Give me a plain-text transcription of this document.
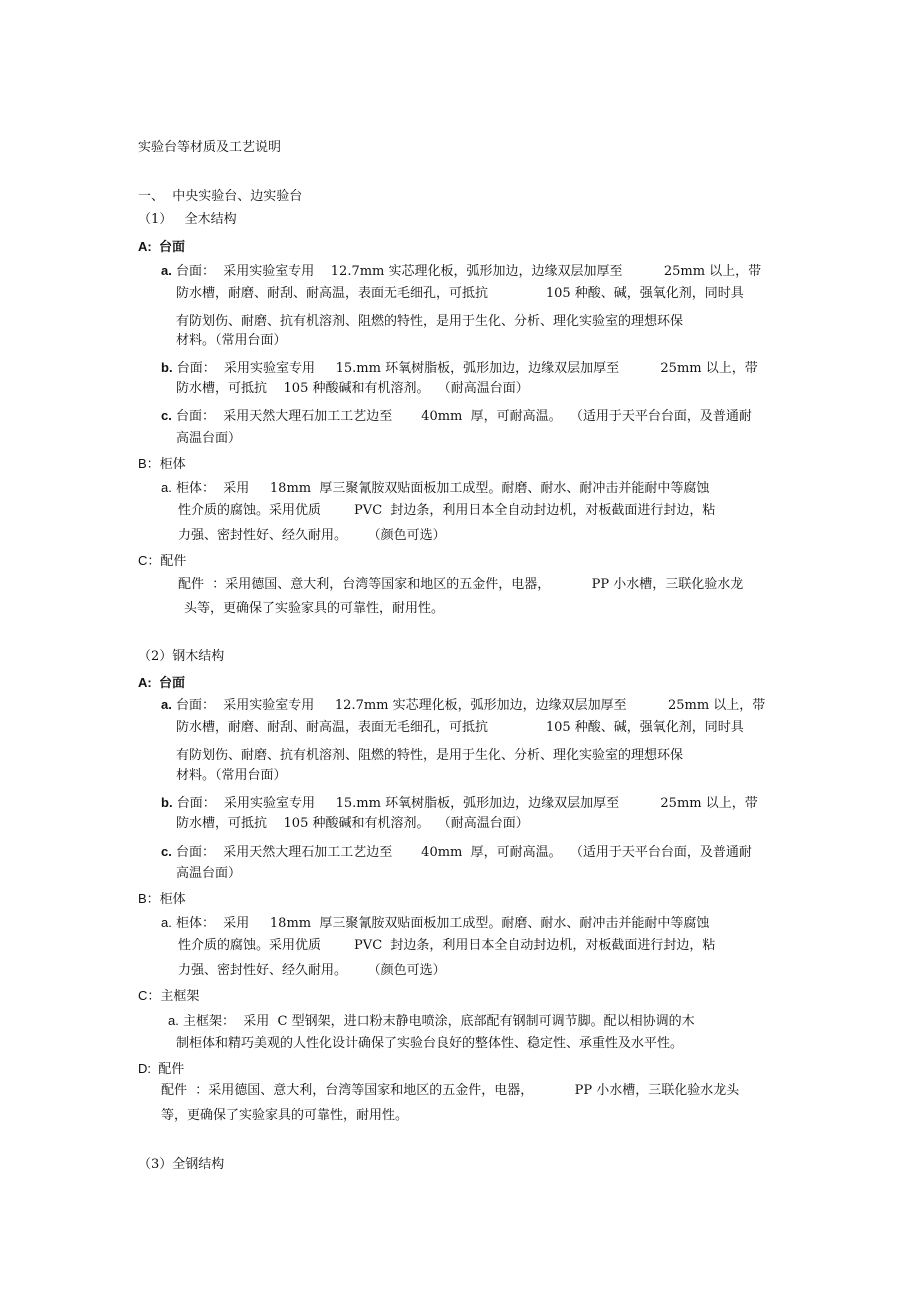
实验台等材质及工艺说明
一、  中央实验台、边实验台
（1）   全木结构
A:  台面
a. 台面：  采用实验室专用    12.7mm 实芯理化板，弧形加边，边缘双层加厚至          25mm 以上，带
防水槽，耐磨、耐刮、耐高温，表面无毛细孔，可抵抗              105 种酸、碱，强氧化剂，同时具
有防划伤、耐磨、抗有机溶剂、阻燃的特性，是用于生化、分析、理化实验室的理想环保
材料。（常用台面）
b. 台面：  采用实验室专用     15.mm 环氧树脂板，弧形加边，边缘双层加厚至          25mm 以上，带
防水槽，可抵抗    105 种酸碱和有机溶剂。  （耐高温台面）
c. 台面：  采用天然大理石加工工艺边至       40mm  厚，可耐高温。  （适用于天平台台面，及普通耐
高温台面）
B：柜体
a. 柜体：  采用     18mm  厚三聚氰胺双贴面板加工成型。耐磨、耐水、耐冲击并能耐中等腐蚀
性介质的腐蚀。采用优质        PVC  封边条，利用日本全自动封边机，对板截面进行封边，粘
力强、密封性好、经久耐用。     （颜色可选）
C：配件
配件  ：采用德国、意大利，台湾等国家和地区的五金件，电器，          PP 小水槽，三联化验水龙
头等，更确保了实验家具的可靠性，耐用性。
（2）钢木结构
A:  台面
a. 台面：  采用实验室专用     12.7mm 实芯理化板，弧形加边，边缘双层加厚至          25mm 以上，带
防水槽，耐磨、耐刮、耐高温，表面无毛细孔，可抵抗              105 种酸、碱，强氧化剂，同时具
有防划伤、耐磨、抗有机溶剂、阻燃的特性，是用于生化、分析、理化实验室的理想环保
材料。（常用台面）
b. 台面：  采用实验室专用     15.mm 环氧树脂板，弧形加边，边缘双层加厚至          25mm 以上，带
防水槽，可抵抗    105 种酸碱和有机溶剂。  （耐高温台面）
c. 台面：  采用天然大理石加工工艺边至       40mm  厚，可耐高温。  （适用于天平台台面，及普通耐
高温台面）
B：柜体
a. 柜体：  采用     18mm  厚三聚氰胺双贴面板加工成型。耐磨、耐水、耐冲击并能耐中等腐蚀
性介质的腐蚀。采用优质        PVC  封边条，利用日本全自动封边机，对板截面进行封边，粘
力强、密封性好、经久耐用。     （颜色可选）
C：主框架
a. 主框架：  采用  C 型钢架，进口粉末静电喷涂，底部配有钢制可调节脚。配以相协调的木
制柜体和精巧美观的人性化设计确保了实验台良好的整体性、稳定性、承重性及水平性。
D:  配件
配件  ：采用德国、意大利，台湾等国家和地区的五金件，电器，          PP 小水槽，三联化验水龙头
等，更确保了实验家具的可靠性，耐用性。
（3）全钢结构
